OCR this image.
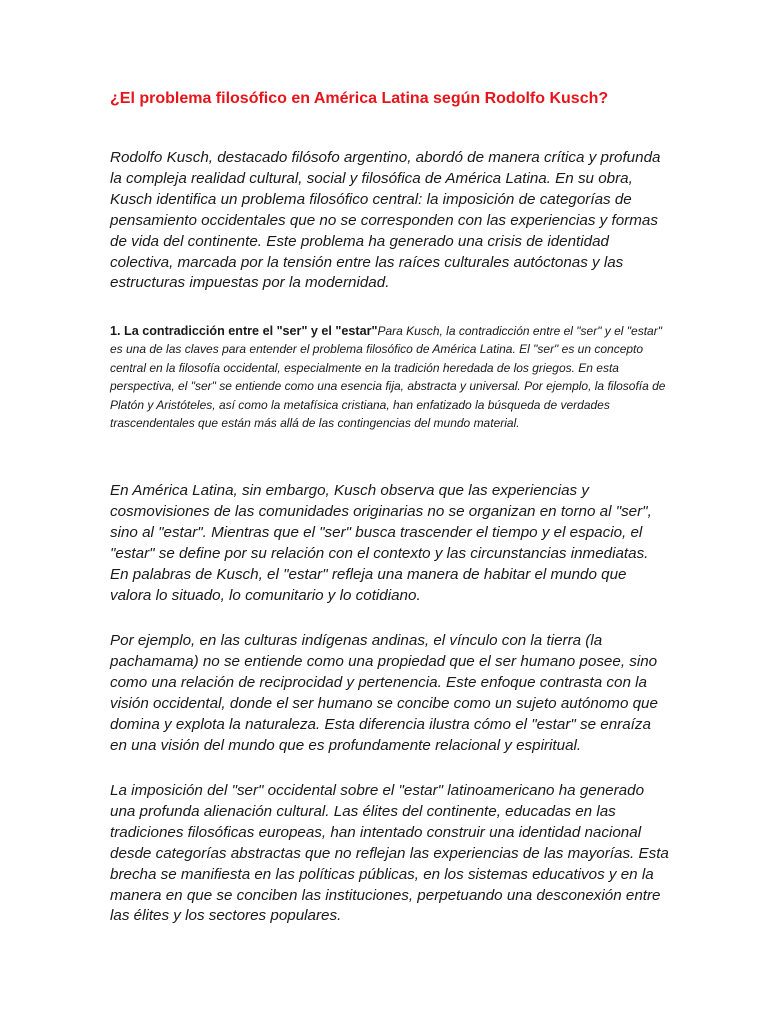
¿El problema filosófico en América Latina según Rodolfo Kusch?

Rodolfo Kusch, destacado filósofo argentino, abordó de manera crítica y profunda la compleja realidad cultural, social y filosófica de América Latina. En su obra, Kusch identifica un problema filosófico central: la imposición de categorías de pensamiento occidentales que no se corresponden con las experiencias y formas de vida del continente. Este problema ha generado una crisis de identidad colectiva, marcada por la tensión entre las raíces culturales autóctonas y las estructuras impuestas por la modernidad.

1. La contradicción entre el "ser" y el "estar"Para Kusch, la contradicción entre el "ser" y el "estar" es una de las claves para entender el problema filosófico de América Latina. El "ser" es un concepto central en la filosofía occidental, especialmente en la tradición heredada de los griegos. En esta perspectiva, el "ser" se entiende como una esencia fija, abstracta y universal. Por ejemplo, la filosofía de Platón y Aristóteles, así como la metafísica cristiana, han enfatizado la búsqueda de verdades trascendentales que están más allá de las contingencias del mundo material.

En América Latina, sin embargo, Kusch observa que las experiencias y cosmovisiones de las comunidades originarias no se organizan en torno al "ser", sino al "estar". Mientras que el "ser" busca trascender el tiempo y el espacio, el "estar" se define por su relación con el contexto y las circunstancias inmediatas. En palabras de Kusch, el "estar" refleja una manera de habitar el mundo que valora lo situado, lo comunitario y lo cotidiano.

Por ejemplo, en las culturas indígenas andinas, el vínculo con la tierra (la pachamama) no se entiende como una propiedad que el ser humano posee, sino como una relación de reciprocidad y pertenencia. Este enfoque contrasta con la visión occidental, donde el ser humano se concibe como un sujeto autónomo que domina y explota la naturaleza. Esta diferencia ilustra cómo el "estar" se enraíza en una visión del mundo que es profundamente relacional y espiritual.

La imposición del "ser" occidental sobre el "estar" latinoamericano ha generado una profunda alienación cultural. Las élites del continente, educadas en las tradiciones filosóficas europeas, han intentado construir una identidad nacional desde categorías abstractas que no reflejan las experiencias de las mayorías. Esta brecha se manifiesta en las políticas públicas, en los sistemas educativos y en la manera en que se conciben las instituciones, perpetuando una desconexión entre las élites y los sectores populares.
